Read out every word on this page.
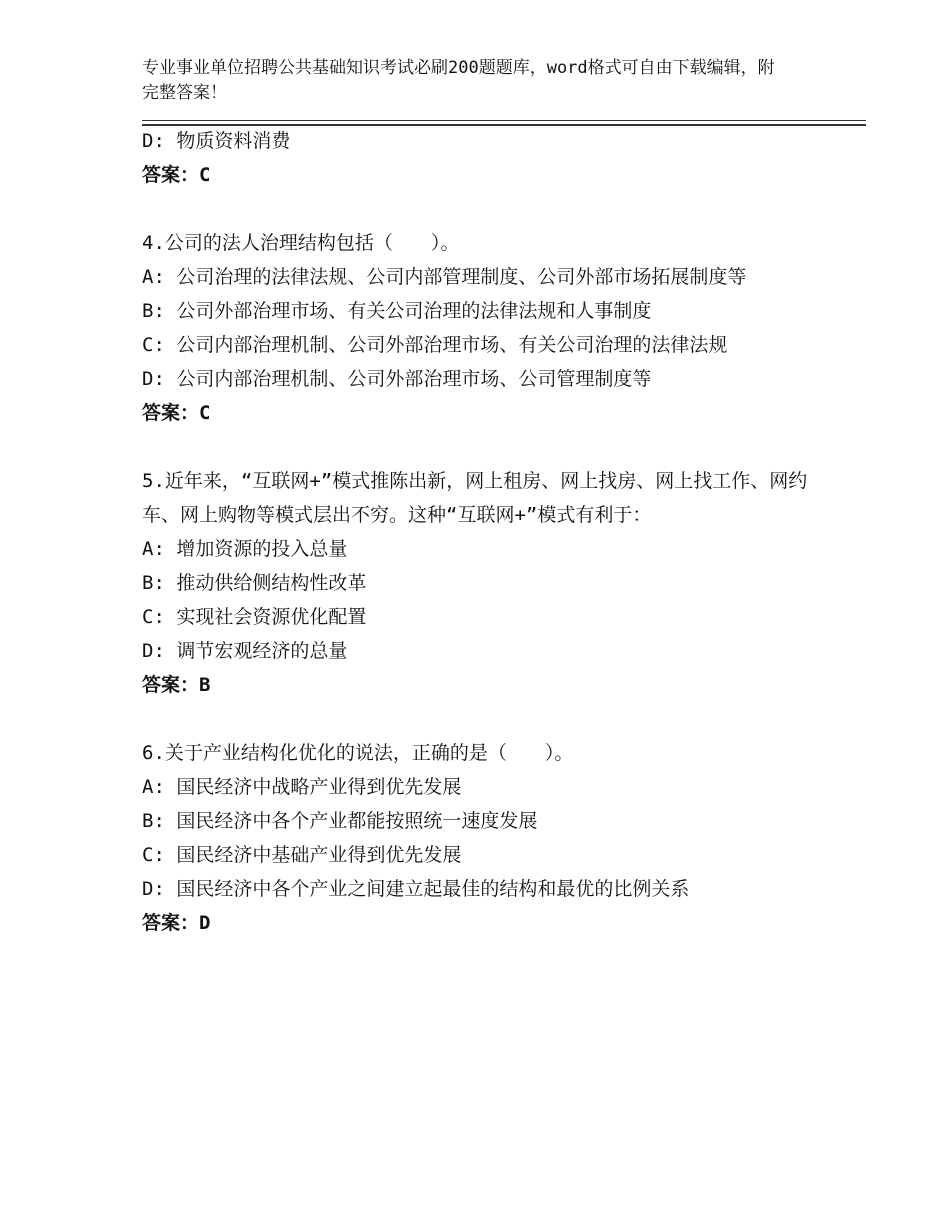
专业事业单位招聘公共基础知识考试必刷200题题库，word格式可自由下载编辑，附完整答案！

D: 物质资料消费

答案：C

4.公司的法人治理结构包括（　　）。

A: 公司治理的法律法规、公司内部管理制度、公司外部市场拓展制度等

B: 公司外部治理市场、有关公司治理的法律法规和人事制度

C: 公司内部治理机制、公司外部治理市场、有关公司治理的法律法规

D: 公司内部治理机制、公司外部治理市场、公司管理制度等

答案：C

5.近年来，“互联网+”模式推陈出新，网上租房、网上找房、网上找工作、网约车、网上购物等模式层出不穷。这种“互联网+”模式有利于：

A: 增加资源的投入总量

B: 推动供给侧结构性改革

C: 实现社会资源优化配置

D: 调节宏观经济的总量

答案：B

6.关于产业结构化优化的说法，正确的是（　　）。

A: 国民经济中战略产业得到优先发展

B: 国民经济中各个产业都能按照统一速度发展

C: 国民经济中基础产业得到优先发展

D: 国民经济中各个产业之间建立起最佳的结构和最优的比例关系

答案：D
